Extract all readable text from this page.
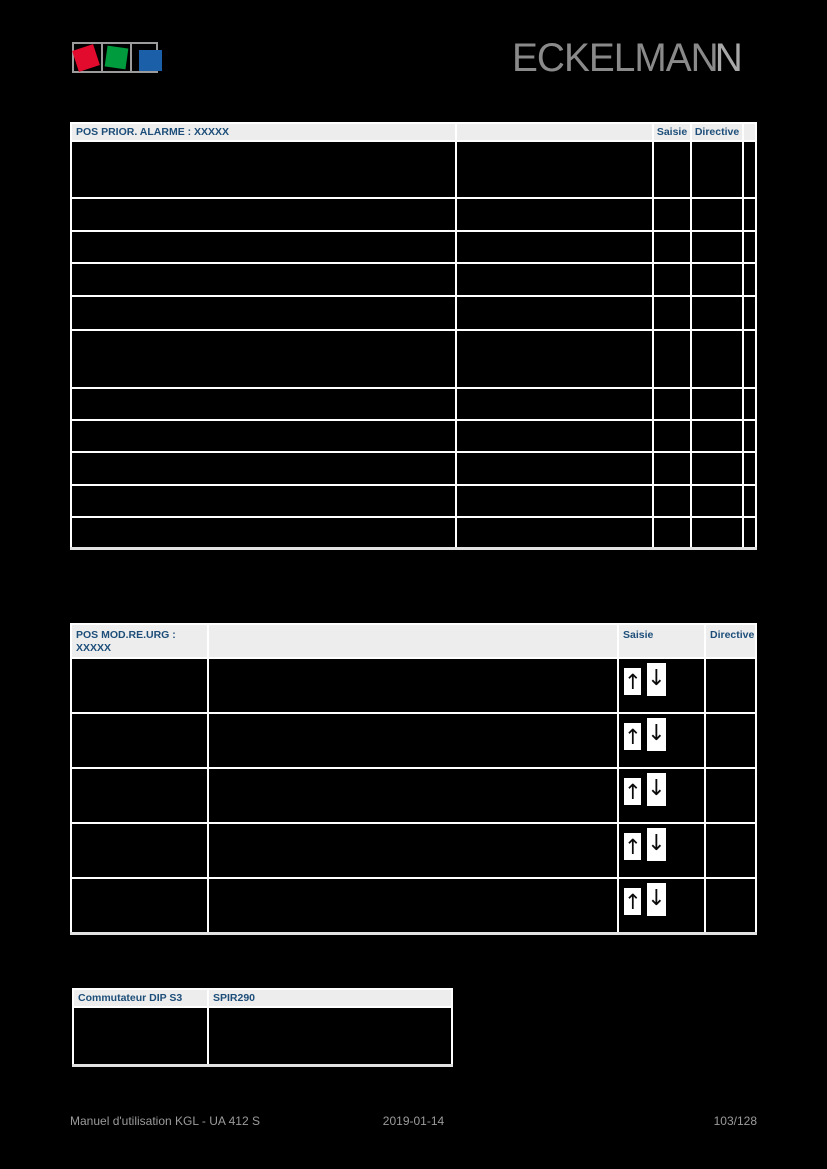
ECKELMANN
POS PRIOR. ALARME : XXXXX		Saisie	Directive	

POS MOD.RE.URG :
XXXXX		Saisie	Directive
		↑ ↓	
		↑ ↓	
		↑ ↓	
		↑ ↓	
		↑ ↓	
Commutateur DIP S3	SPIR290

Manuel d'utilisation KGL - UA 412 S	2019-01-14	103/128
